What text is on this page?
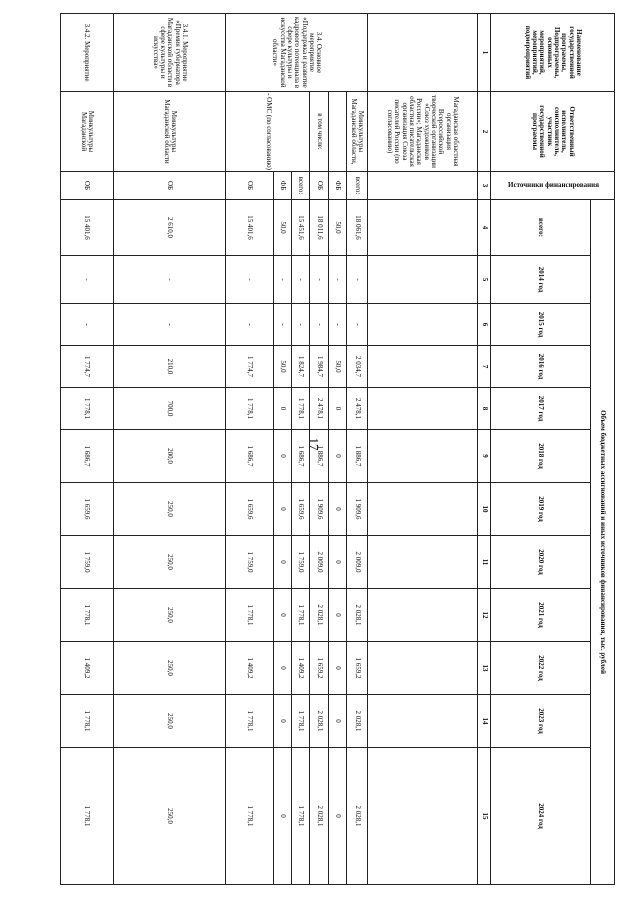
17
Наименование государственной программы, Подпрограммы, основных мероприятий, мероприятий, подмероприятий	Ответственный исполнитель, соисполнитель, участник государственной программы	Источники финансирования	Объем бюджетных ассигнований и иных источников финансирования, тыс. рублей											
			всего:	2014 год	2015 год	2016 год	2017 год	2018 год	2019 год	2020 год	2021 год	2022 год	2023 год	2024 год
1	2	3	4	5	6	7	8	9	10	11	12	13	14	15
	Магаданская областная организация Всероссийской творческой организации «Союз художников России»; Магаданская областная писательская организация Союза писателей России (по согласованию)													
3.4. Основное мероприятие «Поддержка и развитие кадрового потенциала в сфере культуры и искусства Магаданской области»	Минкультуры Магаданской области,	всего:	18 061,6	-	-	2 034,7	2 478,1	1 886,7	1 909,6	2 009,0	2 028,1	1 659,2	2 028,1	2 028,1
		ФБ	50,0	-	-	50,0	0	0	0	0	0	0	0	0
	в том числе:	ОБ	18 011,6	-	-	1 984,7	2 478,1	1 886,7	1 909,6	2 009,0	2 028,1	1 659,2	2 028,1	2 028,1
	- ОМС (по согласованию)	всего:	15 451,6	-	-	1 824,7	1 778,1	1 686,7	1 659,6	1 759,0	1 778,1	1 409,2	1 778,1	1 778,1
		ФБ	50,0	-	-	50,0	0	0	0	0	0	0	0	0
		ОБ	15 401,6	-	-	1 774,7	1 778,1	1 686,7	1 659,6	1 759,0	1 778,1	1 409,2	1 778,1	1 778,1
3.4.1. Мероприятие «Премия губернатора Магаданской области в сфере культуры и искусства»	Минкультуры Магаданской области	ОБ	2 610,0	-	-	210,0	700,0	200,0	250,0	250,0	250,0	250,0	250,0	250,0
3.4.2. Мероприятие	Минкультуры Магаданской	ОБ	15 401,6	-	-	1 774,7	1 778,1	1 686,7	1 659,6	1 759,0	1 778,1	1 409,2	1 778,1	1 778,1
